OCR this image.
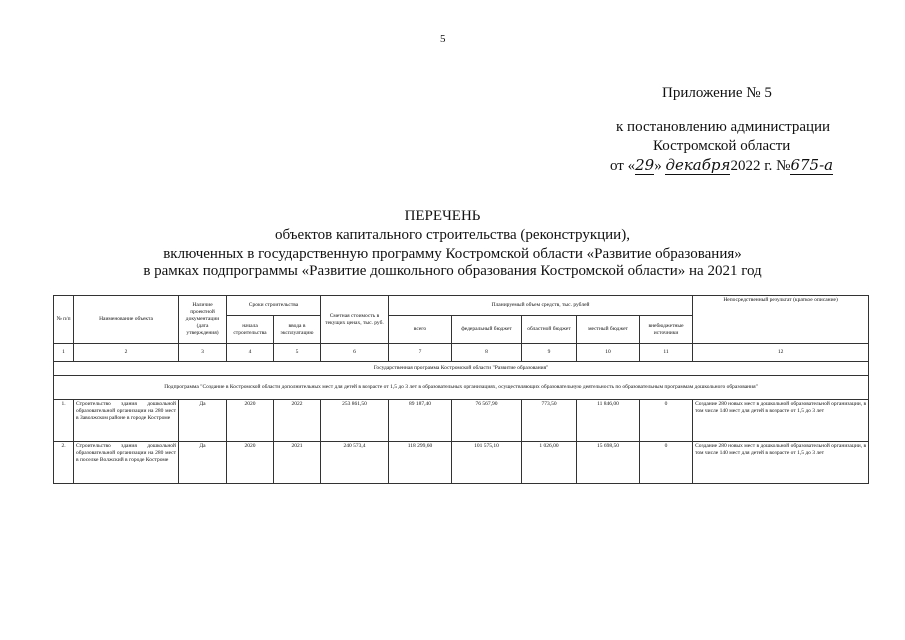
5
Приложение № 5
к постановлению администрации
Костромской области
от «29» декабря2022 г. №675-а
ПЕРЕЧЕНЬ
объектов капитального строительства (реконструкции),
включенных в государственную программу Костромской области «Развитие образования»
в рамках подпрограммы «Развитие дошкольного образования Костромской области» на 2021 год
№ п/п	Наименование объекта	Наличие проектной документации (дата утверждения)	Сроки строительства		Сметная стоимость в текущих ценах, тыс. руб.	Планируемый объем средств, тыс. рублей					Непосредственный результат (краткое описание)
			начала строительства	ввода в эксплуатацию		всего	федеральный бюджет	областной бюджет	местный бюджет	внебюджетные источники	
1	2	3	4	5	6	7	8	9	10	11	12
Государственная программа Костромской области "Развитие образования"											
Подпрограмма "Создание в Костромской области дополнительных мест для детей в возрасте от 1,5 до 3 лет в образовательных организациях, осуществляющих образовательную деятельность по образовательным программам дошкольного образования"											
1.	Строительство здания дошкольной образовательной организации на 280 мест в Заволжском районе в городе Костроме	Да	2020	2022	253 861,50	89 187,40	76 567,90	773,50	11 846,00	0	Создание 280 новых мест в дошкольной образовательной организации, в том числе 140 мест для детей в возрасте от 1,5 до 3 лет
2.	Строительство здания дошкольной образовательной организации на 280 мест в поселке Волжский в городе Костроме	Да	2020	2021	240 573,4	118 299,60	101 575,10	1 026,00	15 698,50	0	Создание 280 новых мест в дошкольной образовательной организации, в том числе 140 мест для детей в возрасте от 1,5 до 3 лет
